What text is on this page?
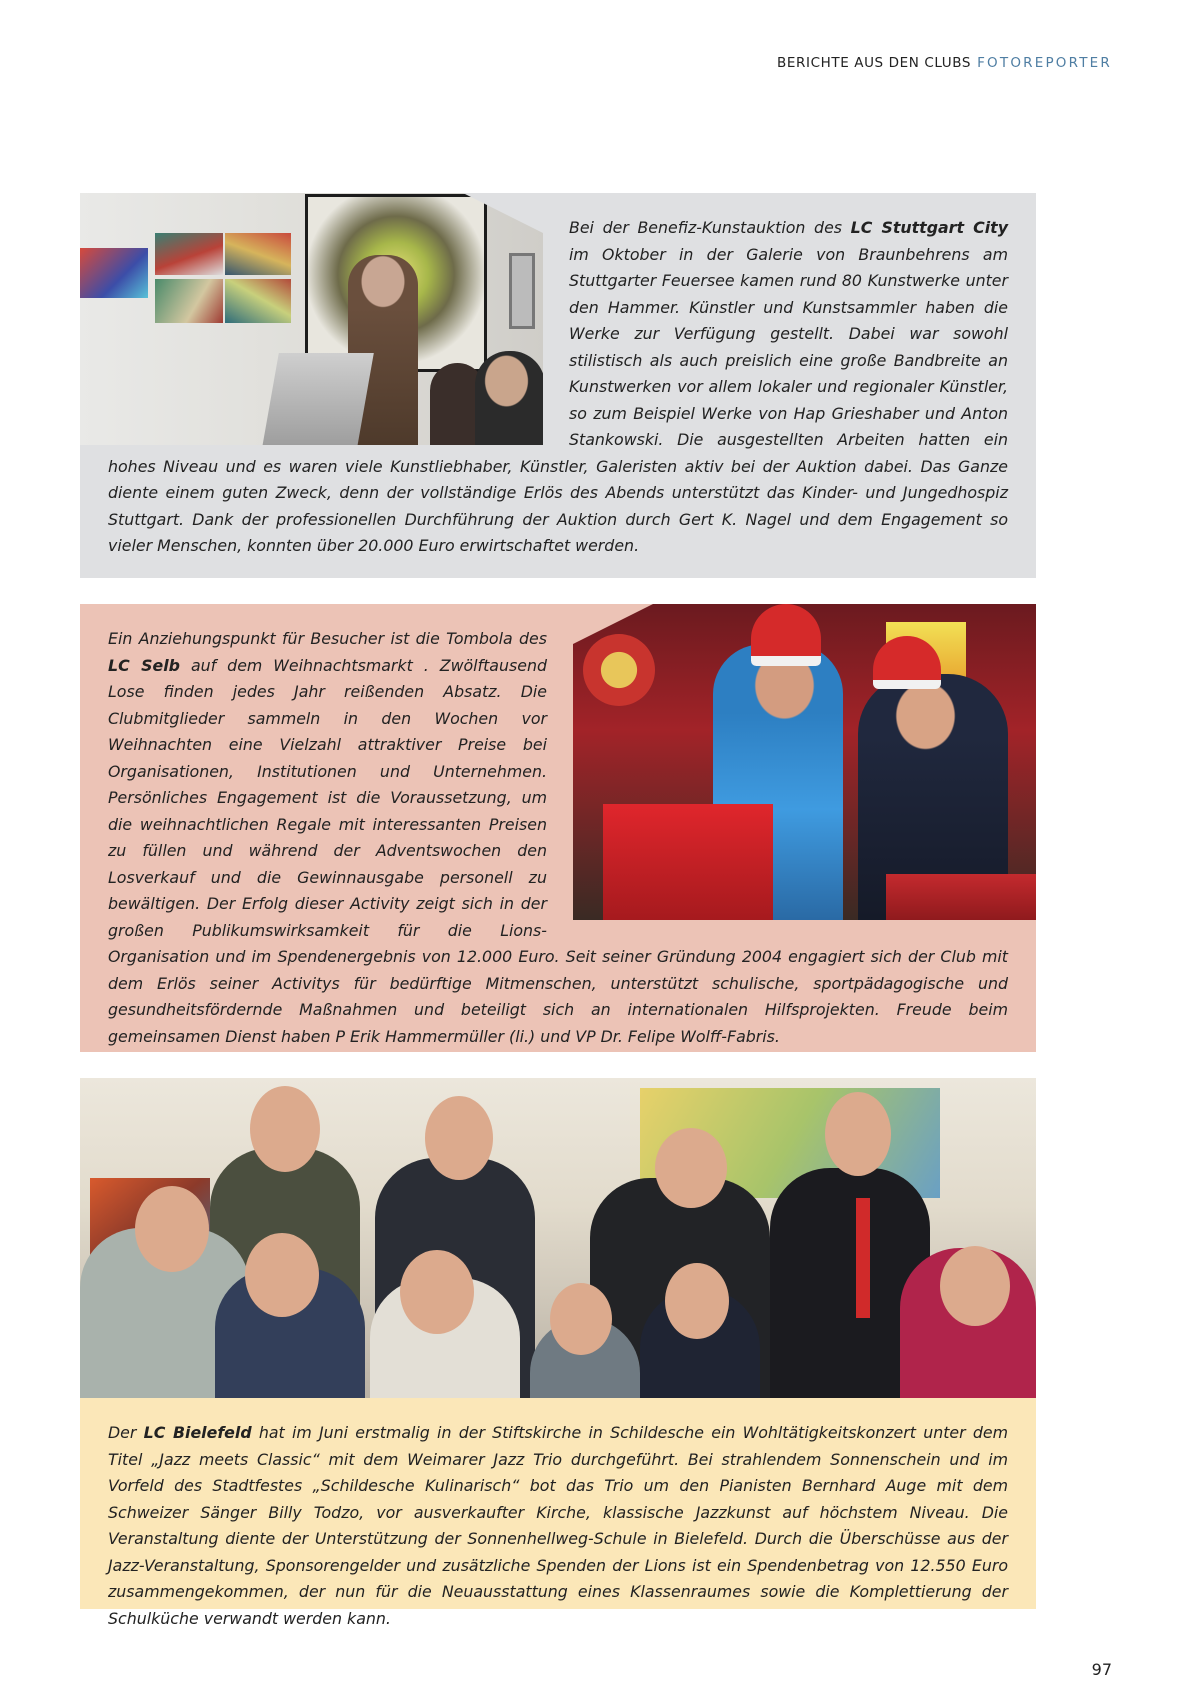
BERICHTE AUS DEN CLUBS FOTOREPORTER

Bei der Benefiz-Kunstauktion des LC Stuttgart City im Oktober in der Galerie von Braunbehrens am Stuttgarter Feuersee kamen rund 80 Kunstwerke unter den Hammer. Künstler und Kunstsammler haben die Werke zur Verfügung gestellt. Dabei war sowohl stilistisch als auch preislich eine große Bandbreite an Kunstwerken vor allem lokaler und regionaler Künstler, so zum Beispiel Werke von Hap Grieshaber und Anton Stankowski. Die ausgestellten Arbeiten hatten ein hohes Niveau und es waren viele Kunstliebhaber, Künstler, Galeristen aktiv bei der Auktion dabei. Das Ganze diente einem guten Zweck, denn der vollständige Erlös des Abends unterstützt das Kinder- und Jungedhospiz Stuttgart. Dank der professionellen Durchführung der Auktion durch Gert K. Nagel und dem Engagement so vieler Menschen, konnten über 20.000 Euro erwirtschaftet werden.

Ein Anziehungspunkt für Besucher ist die Tombola des LC Selb auf dem Weihnachtsmarkt . Zwölftausend Lose finden jedes Jahr reißenden Absatz. Die Clubmitglieder sammeln in den Wochen vor Weihnachten eine Vielzahl attraktiver Preise bei Organisationen, Institutionen und Unternehmen. Persönliches Engagement ist die Voraussetzung, um die weihnachtlichen Regale mit interessanten Preisen zu füllen und während der Adventswochen den Losverkauf und die Gewinnausgabe personell zu bewältigen. Der Erfolg dieser Activity zeigt sich in der großen Publikumswirksamkeit für die Lions-Organisation und im Spendenergebnis von 12.000 Euro. Seit seiner Gründung 2004 engagiert sich der Club mit dem Erlös seiner Activitys für bedürftige Mitmenschen, unterstützt schulische, sportpädagogische und gesundheitsfördernde Maßnahmen und beteiligt sich an internationalen Hilfsprojekten. Freude beim gemeinsamen Dienst haben P Erik Hammermüller (li.) und VP Dr. Felipe Wolff-Fabris.

Der LC Bielefeld hat im Juni erstmalig in der Stiftskirche in Schildesche ein Wohltätigkeitskonzert unter dem Titel „Jazz meets Classic“ mit dem Weimarer Jazz Trio durchgeführt. Bei strahlendem Sonnenschein und im Vorfeld des Stadtfestes „Schildesche Kulinarisch“ bot das Trio um den Pianisten Bernhard Auge mit dem Schweizer Sänger Billy Todzo, vor ausverkaufter Kirche, klassische Jazzkunst auf höchstem Niveau. Die Veranstaltung diente der Unterstützung der Sonnenhellweg-Schule in Bielefeld. Durch die Überschüsse aus der Jazz-Veranstaltung, Sponsorengelder und zusätzliche Spenden der Lions ist ein Spendenbetrag von 12.550 Euro zusammengekommen, der nun für die Neuausstattung eines Klassenraumes sowie die Komplettierung der Schulküche verwandt werden kann.

97
